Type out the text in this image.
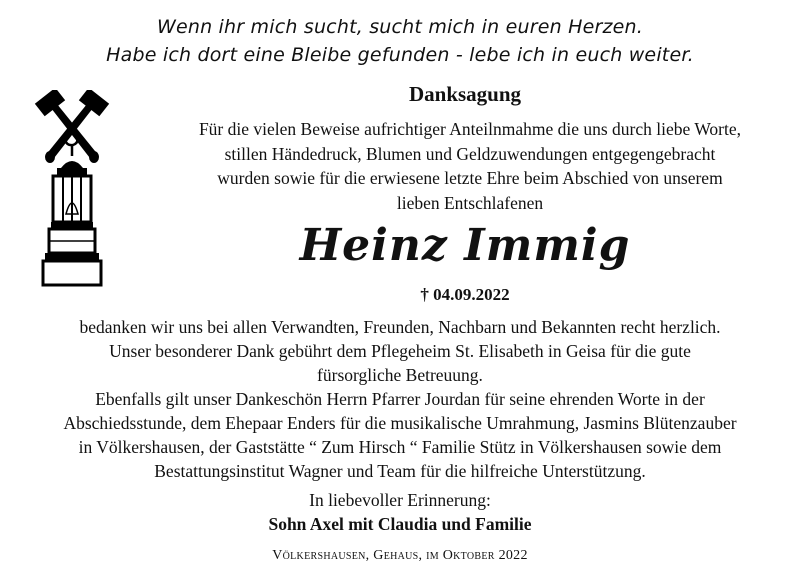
Wenn ihr mich sucht, sucht mich in euren Herzen.
Habe ich dort eine Bleibe gefunden - lebe ich in euch weiter.
Danksagung
Für die vielen Beweise aufrichtiger Anteilnmahme die uns durch liebe Worte,
stillen Händedruck, Blumen und Geldzuwendungen entgegengebracht
wurden sowie für die erwiesene letzte Ehre beim Abschied von unserem
lieben Entschlafenen
Heinz Immig
† 04.09.2022
bedanken wir uns bei allen Verwandten, Freunden, Nachbarn und Bekannten recht herzlich.
Unser besonderer Dank gebührt dem Pflegeheim St. Elisabeth in Geisa für die gute
fürsorgliche Betreuung.
Ebenfalls gilt unser Dankeschön Herrn Pfarrer Jourdan für seine ehrenden Worte in der
Abschiedsstunde, dem Ehepaar Enders für die musikalische Umrahmung, Jasmins Blütenzauber
in Völkershausen, der Gaststätte “ Zum Hirsch “ Familie Stütz in Völkershausen sowie dem
Bestattungsinstitut Wagner und Team für die hilfreiche Unterstützung.
In liebevoller Erinnerung:
Sohn Axel mit Claudia und Familie
Völkershausen, Gehaus, im Oktober 2022
